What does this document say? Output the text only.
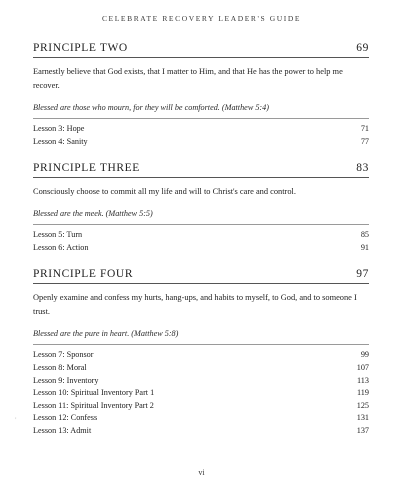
CELEBRATE RECOVERY LEADER'S GUIDE
PRINCIPLE TWO	69
Earnestly believe that God exists, that I matter to Him, and that He has the power to help me recover.
Blessed are those who mourn, for they will be comforted. (Matthew 5:4)
Lesson 3: Hope	71
Lesson 4: Sanity	77
PRINCIPLE THREE	83
Consciously choose to commit all my life and will to Christ's care and control.
Blessed are the meek. (Matthew 5:5)
Lesson 5: Turn	85
Lesson 6: Action	91
PRINCIPLE FOUR	97
Openly examine and confess my hurts, hang-ups, and habits to myself, to God, and to someone I trust.
Blessed are the pure in heart. (Matthew 5:8)
Lesson 7: Sponsor	99
Lesson 8: Moral	107
Lesson 9: Inventory	113
Lesson 10: Spiritual Inventory Part 1	119
Lesson 11: Spiritual Inventory Part 2	125
Lesson 12: Confess	131
Lesson 13: Admit	137
,
vi
